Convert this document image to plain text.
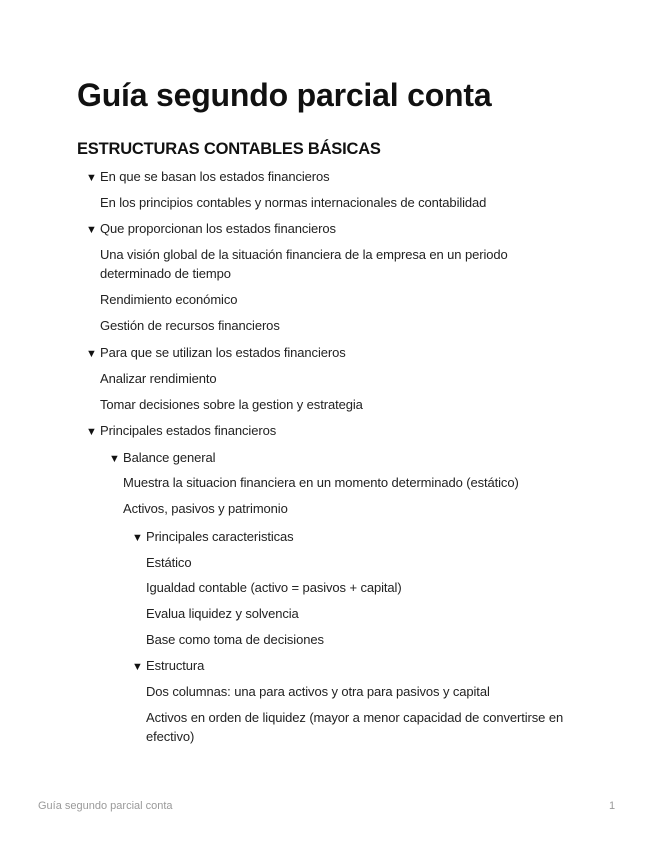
Guía segundo parcial conta
ESTRUCTURAS CONTABLES BÁSICAS
▼ En que se basan los estados financieros
En los principios contables y normas internacionales de contabilidad
▼ Que proporcionan los estados financieros
Una visión global de la situación financiera de la empresa en un periodo determinado de tiempo
Rendimiento económico
Gestión de recursos financieros
▼ Para que se utilizan los estados financieros
Analizar rendimiento
Tomar decisiones sobre la gestion y estrategia
▼ Principales estados financieros
▼ Balance general
Muestra la situacion financiera en un momento determinado (estático)
Activos, pasivos y patrimonio
▼ Principales caracteristicas
Estático
Igualdad contable (activo = pasivos + capital)
Evalua liquidez y solvencia
Base como toma de decisiones
▼ Estructura
Dos columnas: una para activos y otra para pasivos y capital
Activos en orden de liquidez (mayor a menor capacidad de convertirse en efectivo)
Guía segundo parcial conta	1
